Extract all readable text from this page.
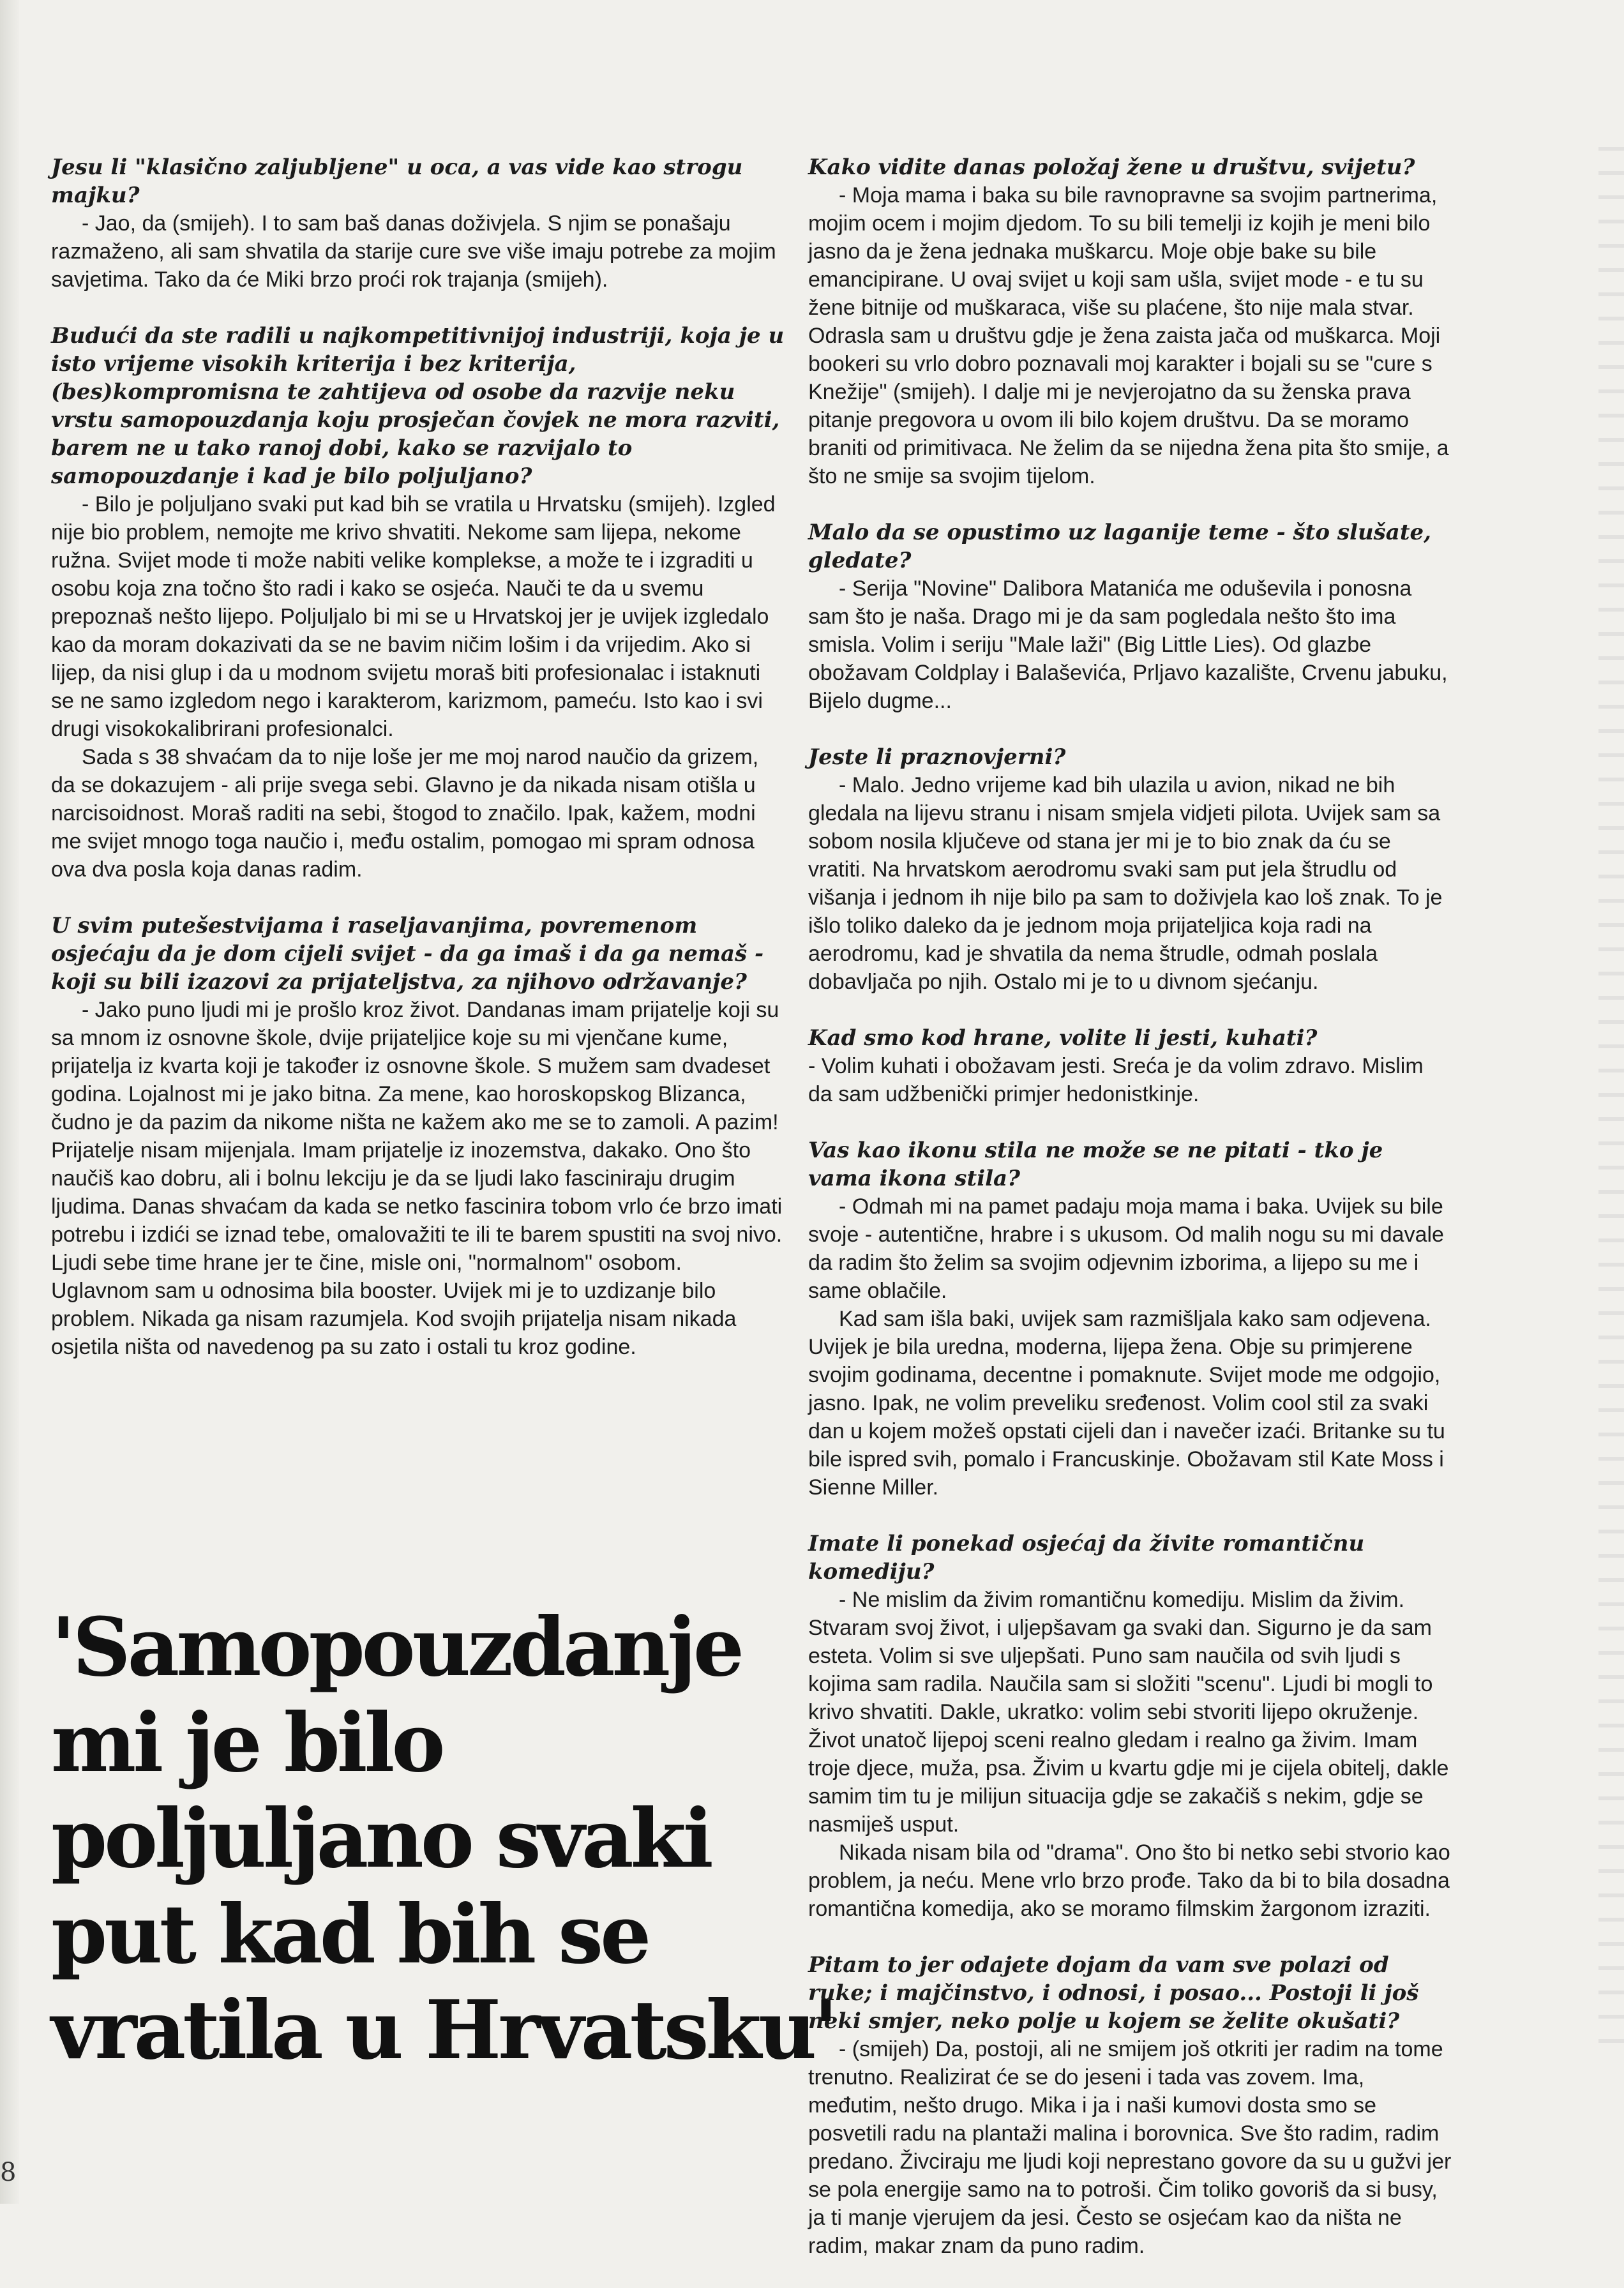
Jesu li "klasično zaljubljene" u oca, a vas vide kao strogu majku?

- Jao, da (smijeh). I to sam baš danas doživjela. S njim se ponašaju razmaženo, ali sam shvatila da starije cure sve više imaju potrebe za mojim savjetima. Tako da će Miki brzo proći rok trajanja (smijeh).

Budući da ste radili u najkompetitivnijoj industriji, koja je u isto vrijeme visokih kriterija i bez kriterija, (bes)kompromisna te zahtijeva od osobe da razvije neku vrstu samopouzdanja koju prosječan čovjek ne mora razviti, barem ne u tako ranoj dobi, kako se razvijalo to samopouzdanje i kad je bilo poljuljano?

- Bilo je poljuljano svaki put kad bih se vratila u Hrvatsku (smijeh). Izgled nije bio problem, nemojte me krivo shvatiti. Nekome sam lijepa, nekome ružna. Svijet mode ti može nabiti velike komplekse, a može te i izgraditi u osobu koja zna točno što radi i kako se osjeća. Nauči te da u svemu prepoznaš nešto lijepo. Poljuljalo bi mi se u Hrvatskoj jer je uvijek izgledalo kao da moram dokazivati da se ne bavim ničim lošim i da vrijedim. Ako si lijep, da nisi glup i da u modnom svijetu moraš biti profesionalac i istaknuti se ne samo izgledom nego i karakterom, karizmom, pameću. Isto kao i svi drugi visokokalibrirani profesionalci.

Sada s 38 shvaćam da to nije loše jer me moj narod naučio da grizem, da se dokazujem - ali prije svega sebi. Glavno je da nikada nisam otišla u narcisoidnost. Moraš raditi na sebi, štogod to značilo. Ipak, kažem, modni me svijet mnogo toga naučio i, među ostalim, pomogao mi spram odnosa ova dva posla koja danas radim.

U svim putešestvijama i raseljavanjima, povremenom osjećaju da je dom cijeli svijet - da ga imaš i da ga nemaš - koji su bili izazovi za prijateljstva, za njihovo održavanje?

- Jako puno ljudi mi je prošlo kroz život. Dandanas imam prijatelje koji su sa mnom iz osnovne škole, dvije prijateljice koje su mi vjenčane kume, prijatelja iz kvarta koji je također iz osnovne škole. S mužem sam dvadeset godina. Lojalnost mi je jako bitna. Za mene, kao horoskopskog Blizanca, čudno je da pazim da nikome ništa ne kažem ako me se to zamoli. A pazim! Prijatelje nisam mijenjala. Imam prijatelje iz inozemstva, dakako. Ono što naučiš kao dobru, ali i bolnu lekciju je da se ljudi lako fasciniraju drugim ljudima. Danas shvaćam da kada se netko fascinira tobom vrlo će brzo imati potrebu i izdići se iznad tebe, omalovažiti te ili te barem spustiti na svoj nivo. Ljudi sebe time hrane jer te čine, misle oni, "normalnom" osobom. Uglavnom sam u odnosima bila booster. Uvijek mi je to uzdizanje bilo problem. Nikada ga nisam razumjela. Kod svojih prijatelja nisam nikada osjetila ništa od navedenog pa su zato i ostali tu kroz godine.

Kako vidite danas položaj žene u društvu, svijetu?

- Moja mama i baka su bile ravnopravne sa svojim partnerima, mojim ocem i mojim djedom. To su bili temelji iz kojih je meni bilo jasno da je žena jednaka muškarcu. Moje obje bake su bile emancipirane. U ovaj svijet u koji sam ušla, svijet mode - e tu su žene bitnije od muškaraca, više su plaćene, što nije mala stvar. Odrasla sam u društvu gdje je žena zaista jača od muškarca. Moji bookeri su vrlo dobro poznavali moj karakter i bojali su se "cure s Knežije" (smijeh). I dalje mi je nevjerojatno da su ženska prava pitanje pregovora u ovom ili bilo kojem društvu. Da se moramo braniti od primitivaca. Ne želim da se nijedna žena pita što smije, a što ne smije sa svojim tijelom.

Malo da se opustimo uz laganije teme - što slušate, gledate?

- Serija "Novine" Dalibora Matanića me oduševila i ponosna sam što je naša. Drago mi je da sam pogledala nešto što ima smisla. Volim i seriju "Male laži" (Big Little Lies). Od glazbe obožavam Coldplay i Balaševića, Prljavo kazalište, Crvenu jabuku, Bijelo dugme...

Jeste li praznovjerni?

- Malo. Jedno vrijeme kad bih ulazila u avion, nikad ne bih gledala na lijevu stranu i nisam smjela vidjeti pilota. Uvijek sam sa sobom nosila ključeve od stana jer mi je to bio znak da ću se vratiti. Na hrvatskom aerodromu svaki sam put jela štrudlu od višanja i jednom ih nije bilo pa sam to doživjela kao loš znak. To je išlo toliko daleko da je jednom moja prijateljica koja radi na aerodromu, kad je shvatila da nema štrudle, odmah poslala dobavljača po njih. Ostalo mi je to u divnom sjećanju.

Kad smo kod hrane, volite li jesti, kuhati?

- Volim kuhati i obožavam jesti. Sreća je da volim zdravo. Mislim da sam udžbenički primjer hedonistkinje.

Vas kao ikonu stila ne može se ne pitati - tko je vama ikona stila?

- Odmah mi na pamet padaju moja mama i baka. Uvijek su bile svoje - autentične, hrabre i s ukusom. Od malih nogu su mi davale da radim što želim sa svojim odjevnim izborima, a lijepo su me i same oblačile.

Kad sam išla baki, uvijek sam razmišljala kako sam odjevena. Uvijek je bila uredna, moderna, lijepa žena. Obje su primjerene svojim godinama, decentne i pomaknute. Svijet mode me odgojio, jasno. Ipak, ne volim preveliku sređenost. Volim cool stil za svaki dan u kojem možeš opstati cijeli dan i navečer izaći. Britanke su tu bile ispred svih, pomalo i Francuskinje. Obožavam stil Kate Moss i Sienne Miller.

Imate li ponekad osjećaj da živite romantičnu komediju?

- Ne mislim da živim romantičnu komediju. Mislim da živim. Stvaram svoj život, i uljepšavam ga svaki dan. Sigurno je da sam esteta. Volim si sve uljepšati. Puno sam naučila od svih ljudi s kojima sam radila. Naučila sam si složiti "scenu". Ljudi bi mogli to krivo shvatiti. Dakle, ukratko: volim sebi stvoriti lijepo okruženje. Život unatoč lijepoj sceni realno gledam i realno ga živim. Imam troje djece, muža, psa. Živim u kvartu gdje mi je cijela obitelj, dakle samim tim tu je milijun situacija gdje se zakačiš s nekim, gdje se nasmiješ usput.

Nikada nisam bila od "drama". Ono što bi netko sebi stvorio kao problem, ja neću. Mene vrlo brzo prođe. Tako da bi to bila dosadna romantična komedija, ako se moramo filmskim žargonom izraziti.

Pitam to jer odajete dojam da vam sve polazi od ruke; i majčinstvo, i odnosi, i posao... Postoji li još neki smjer, neko polje u kojem se želite okušati?

- (smijeh) Da, postoji, ali ne smijem još otkriti jer radim na tome trenutno. Realizirat će se do jeseni i tada vas zovem. Ima, međutim, nešto drugo. Mika i ja i naši kumovi dosta smo se posvetili radu na plantaži malina i borovnica. Sve što radim, radim predano. Živciraju me ljudi koji neprestano govore da su u gužvi jer se pola energije samo na to potroši. Čim toliko govoriš da si busy, ja ti manje vjerujem da jesi. Često se osjećam kao da ništa ne radim, makar znam da puno radim.

'Samopouzdanje
mi je bilo
poljuljano svaki
put kad bih se
vratila u Hrvatsku'
8
